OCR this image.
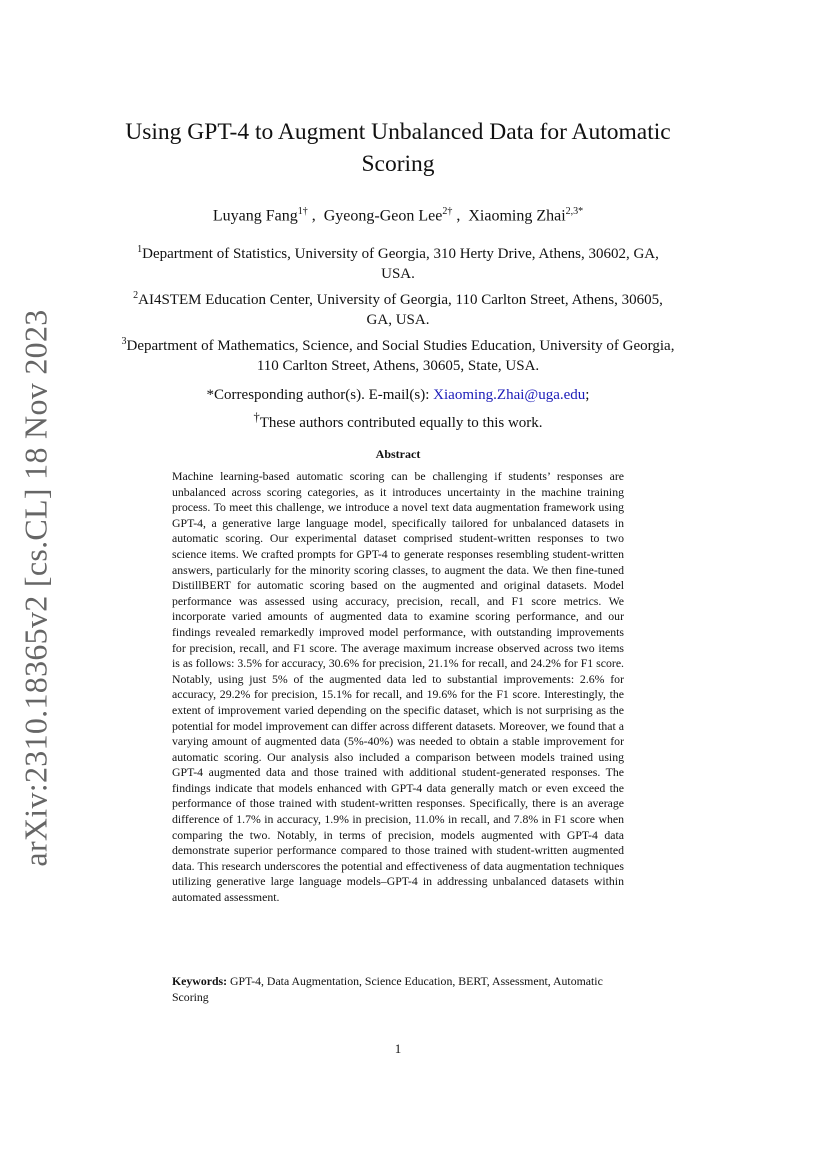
arXiv:2310.18365v2 [cs.CL] 18 Nov 2023
Using GPT-4 to Augment Unbalanced Data for Automatic Scoring
Luyang Fang$^{1\dagger}$ , Gyeong-Geon Lee$^{2\dagger}$ , Xiaoming Zhai$^{2,3*}$
$^1$Department of Statistics, University of Georgia, 310 Herty Drive, Athens, 30602, GA, USA.
$^2$AI4STEM Education Center, University of Georgia, 110 Carlton Street, Athens, 30605, GA, USA.
$^3$Department of Mathematics, Science, and Social Studies Education, University of Georgia, 110 Carlton Street, Athens, 30605, State, USA.
*Corresponding author(s). E-mail(s): Xiaoming.Zhai@uga.edu;
†These authors contributed equally to this work.
Abstract

Machine learning-based automatic scoring can be challenging if students’ responses are unbalanced across scoring categories, as it introduces uncertainty in the machine training process. To meet this challenge, we introduce a novel text data augmentation framework using GPT-4, a generative large language model, specifically tailored for unbalanced datasets in automatic scoring. Our experimental dataset comprised student-written responses to two science items. We crafted prompts for GPT-4 to generate responses resembling student-written answers, particularly for the minority scoring classes, to augment the data. We then fine-tuned DistillBERT for automatic scoring based on the augmented and original datasets. Model performance was assessed using accuracy, precision, recall, and F1 score metrics. We incorporate varied amounts of augmented data to examine scoring performance, and our findings revealed remarkedly improved model performance, with outstanding improvements for precision, recall, and F1 score. The average maximum increase observed across two items is as follows: 3.5% for accuracy, 30.6% for precision, 21.1% for recall, and 24.2% for F1 score. Notably, using just 5% of the augmented data led to substantial improvements: 2.6% for accuracy, 29.2% for precision, 15.1% for recall, and 19.6% for the F1 score. Interestingly, the extent of improvement varied depending on the specific dataset, which is not surprising as the potential for model improvement can differ across different datasets. Moreover, we found that a varying amount of augmented data (5%-40%) was needed to obtain a stable improvement for automatic scoring. Our analysis also included a comparison between models trained using GPT-4 augmented data and those trained with additional student-generated responses. The findings indicate that models enhanced with GPT-4 data generally match or even exceed the performance of those trained with student-written responses. Specifically, there is an average difference of 1.7% in accuracy, 1.9% in precision, 11.0% in recall, and 7.8% in F1 score when comparing the two. Notably, in terms of precision, models augmented with GPT-4 data demonstrate superior performance compared to those trained with student-written augmented data. This research underscores the potential and effectiveness of data augmentation techniques utilizing generative large language models–GPT-4 in addressing unbalanced datasets within automated assessment.

Keywords: GPT-4, Data Augmentation, Science Education, BERT, Assessment, Automatic Scoring
1
